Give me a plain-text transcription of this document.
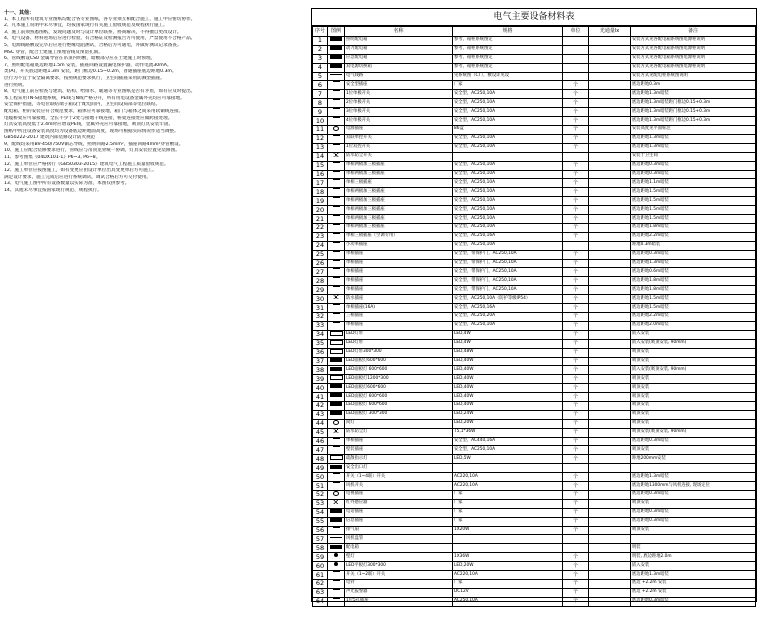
十一、其他：
1、本工程所有建筑专业图纸均配合各专业图纸，各专业须互相配合施工，施工中应密切协作。
2、凡本施工说明中未尽事宜，均按国家现行有关施工验收规范及规程执行施工。
3、施工前须熟悉图纸，发现问题及时与设计单位联系，协商解决，不得擅自更改设计。
4、电气设备、材料进场后应进行检验，有合格证及检测报告方可使用，严禁使用不合格产品。
5、电源线路敷设完毕后应进行绝缘电阻测试，合格后方可通电，并做好测试记录备查。
MSC 穿管，配合土建施工预埋管线及预留孔洞。
6、管线敷设CS0 金属导管在吊顶内明敷，暗敷部分应在土建施工时预埋。
7、照明配电箱底边距地1.5m 安装，插座回路设置漏电保护器，动作电流30mA。
类(A)，开关底边距地1.3m 安装，距门框边0.15~0.2m，普通插座底边距地0.3m。
层行为不宜于安全隔离要求，按照规范要求执行，卫生间插座采用防溅型插座。
进行照明。
8、电气施工前应检查与建筑、结构、给排水、暖通等专业图纸是否有矛盾，如有应及时提出。
本工程采用TN-S接地系统，PE线与N线严格分开，所有用电设备金属外壳均应可靠接地。
安全保护措施，等电位联结端子箱设于配电间内，卫生间设局部等电位联结。
配电箱、柜的安装应符合规范要求，箱体应可靠接地，箱门与箱体之间采用软铜线连接。
电缆桥架应可靠接地，全长不少于2处与接地干线连接，桥架连接处应做跨接处理。
灯具安装高度低于2.4m时应增设PE线，金属外壳应可靠接地，吸顶灯具安装牢固。
图纸中所注设备安装高度均为设备底边距地面高度，现场可根据实际情况作适当调整。
GB50222-2017 建筑内部装修设计防火规范
9、配线均采用BV-450/750V铜芯导线，照明回路2.5mm²，插座回路4mm²穿管敷设。
10、施工应配合装修要求进行，管线应与吊顶龙骨统一协调，灯具安装位置见装修图。
11、参考图集《04DX101-1》P6~3, P6~8。
12、施工单位应严格执行《GB50303-2015》建筑电气工程施工质量验收规范。
12、施工单位应按图施工，如有变更应由设计单位出具变更单后方可施工。
满足设计要求，施工完成后应进行系统调试，调试合格后方可交付使用。
13、电气施工图中所有设备数量以实际为准，本图仅供参考。
14、其他未尽事宜按国家现行规范、规程执行。
电气主要设备材料表
序号	图例	名称	规格	单位	光通量lx	备注
1		照明配电箱	参考，箱柜系统图定			安装方式见各配电箱系统图电源柜说明
2		动力配电箱	参考，箱柜系统图定			安装方式见各配电箱系统图电源柜说明
3		应急配电箱	参考，箱柜系统图定			安装方式见各配电箱系统图电源柜说明
4		双电源切换箱	参考，箱柜系统图定			安装方式见各配电箱系统图电源柜说明
5		电气线路	见系统图（CT），敷设详见设			安装方式见配电柜系统图说明
6		安全型插座	厂家	个		底边距地0.3m
7		1位单极开关	安全型，AC250,10A	个		底边距地1.3m暗装
8		2位单极开关	安全型，AC250,10A	个		底边距地1.3m暗装距门框边0.15+0.3m
9		3位单极开关	安全型，AC250,10A	个		底边距地1.3m暗装距门框边0.15+0.3m
10		4位单极开关	安全型，AC250,10A	个		底边距地1.3m暗装距门框边0.15+0.3m
11		电源插座	86盒	个		安装高度见平面标注
12		双联单控开关	安全型，AC250,10A	个		底边距地1.3m暗装
13		1位双控开关	安全型，AC250,10A	个		底边距地1.3m暗装
14		防水防尘开关				安装于卫生间
15		单相两极加三极插座	安全型，AC250,10A	个		底边距地0.3m暗装
16		单相两极加三极插座	安全型，AC250,10A	个		底边距地0.3m暗装
17		单相三极插座	安全型，AC250,10A	个		底边距地1.1m暗装
18		单相两极加三极插座	安全型，AC250,10A	个		底边距地1.5m暗装
19		单相两极加三极插座	安全型，AC250,10A	个		底边距地1.5m暗装
20		单相两极加三极插座	安全型，AC250,10A	个		底边距地1.5m暗装
21		单相两极加三极插座	安全型，AC250,10A	个		底边距地1.5m暗装
22		单相两极加三极插座	安全型，AC250,10A	个		底边距地1.8m暗装
23		单相三极插座（空调专用）	安全型，AC250,16A	个		底边距地2.2m暗装
24		小功率插座	安全型，AC250,10A			距地0.3m暗装
25		单相插座	安全型，带保护门，AC250,10A	个		底边距地0.3m暗装
26		单相插座	安全型，带保护门，AC250,10A	个		底边距地1.3m暗装
27		单相插座	安全型，带保护门，AC250,10A	个		底边距地0.6m暗装
28		单相插座	安全型，带保护门，AC250,10A	个		底边距地1.8m暗装
29		单相插座	安全型，带保护门，AC250,10A	个		底边距地1.8m暗装
30		防水插座	安全型，AC250,10A（防护等级IP54）	个		底边距地1.5m暗装
31		单相插座(16A)	安全型，AC250,16A	个		底边距地1.5m暗装
32		三相插座	安全型，AC250,20A	个		底边距地2.2m暗装
33		单相插座	安全型，AC250,10A	个		底边距地2.0m暗装
34		LED灯带	LED,4W	个		嵌入安装
35		LED灯带	LED,4W	个		嵌入安装(吸顶安装, 90mm)
36		LED灯带300*300	LED,48W	个		吸顶安装
37		LED面板灯600*600	LED,40W	个		吸顶安装
38		LED面板灯 600*600	LED,40W	个		嵌入安装(吸顶安装, 90mm)
39		LED面板灯1200*300	LED,40W	个		吸顶安装
40		LED面板灯600*600	LED,40W	个		吸顶安装
41		LED面板灯 600*600	LED,40W	个		吸顶安装
42		LED面板灯 600*600	LED,40W	个		吸顶安装
43		LED面板灯 300*300	LED,24W	个		吸顶安装
44		筒灯	LED,20W	个		吸顶安装
45		防水防尘灯	T5,1*36W	个		吸顶安装(吸顶安装, 90mm)
46		单相插座	安全型，AC440,16A	个		底边距地0.3m暗装
47		壁装插座	安全型，AC250,10A	个		吸顶安装
48		疏散指示灯	LED,5W	个		距地200mm安装
49		安全出口灯				
50		开关（1~4联）开关	AC220,10A	个		底边距地1.3m暗装
51		风机开关	AC220,10A	个		底边距地1300mm与风机连接, 现场定位
52		电视插座	厂家	个		底边距地0.3m暗装
53		红外感应器	厂家	个		吸顶安装
54		电话插座	厂家	个		底边距地0.3m暗装
55		信息插座	厂家	个		底边距地0.3m暗装
56		排气扇	1X20W	个		吸顶安装
57		风机盘管				
58		配电箱				明装
59		壁灯	1X36W	个		明装, 底边距地2.0m
60		LED平板灯300*300	LED,20W	个		嵌入安装
61		开关（1~2联）开关	AC220,10A	个		底边距地1.3m暗装
62		电铃	厂家	个		底边 +2.2m 安装
63		声光报警器	DC12V	个		底边 +2.2m 安装
64		1位5孔插座	AC250,10A	个		底边距地0.3m暗装
